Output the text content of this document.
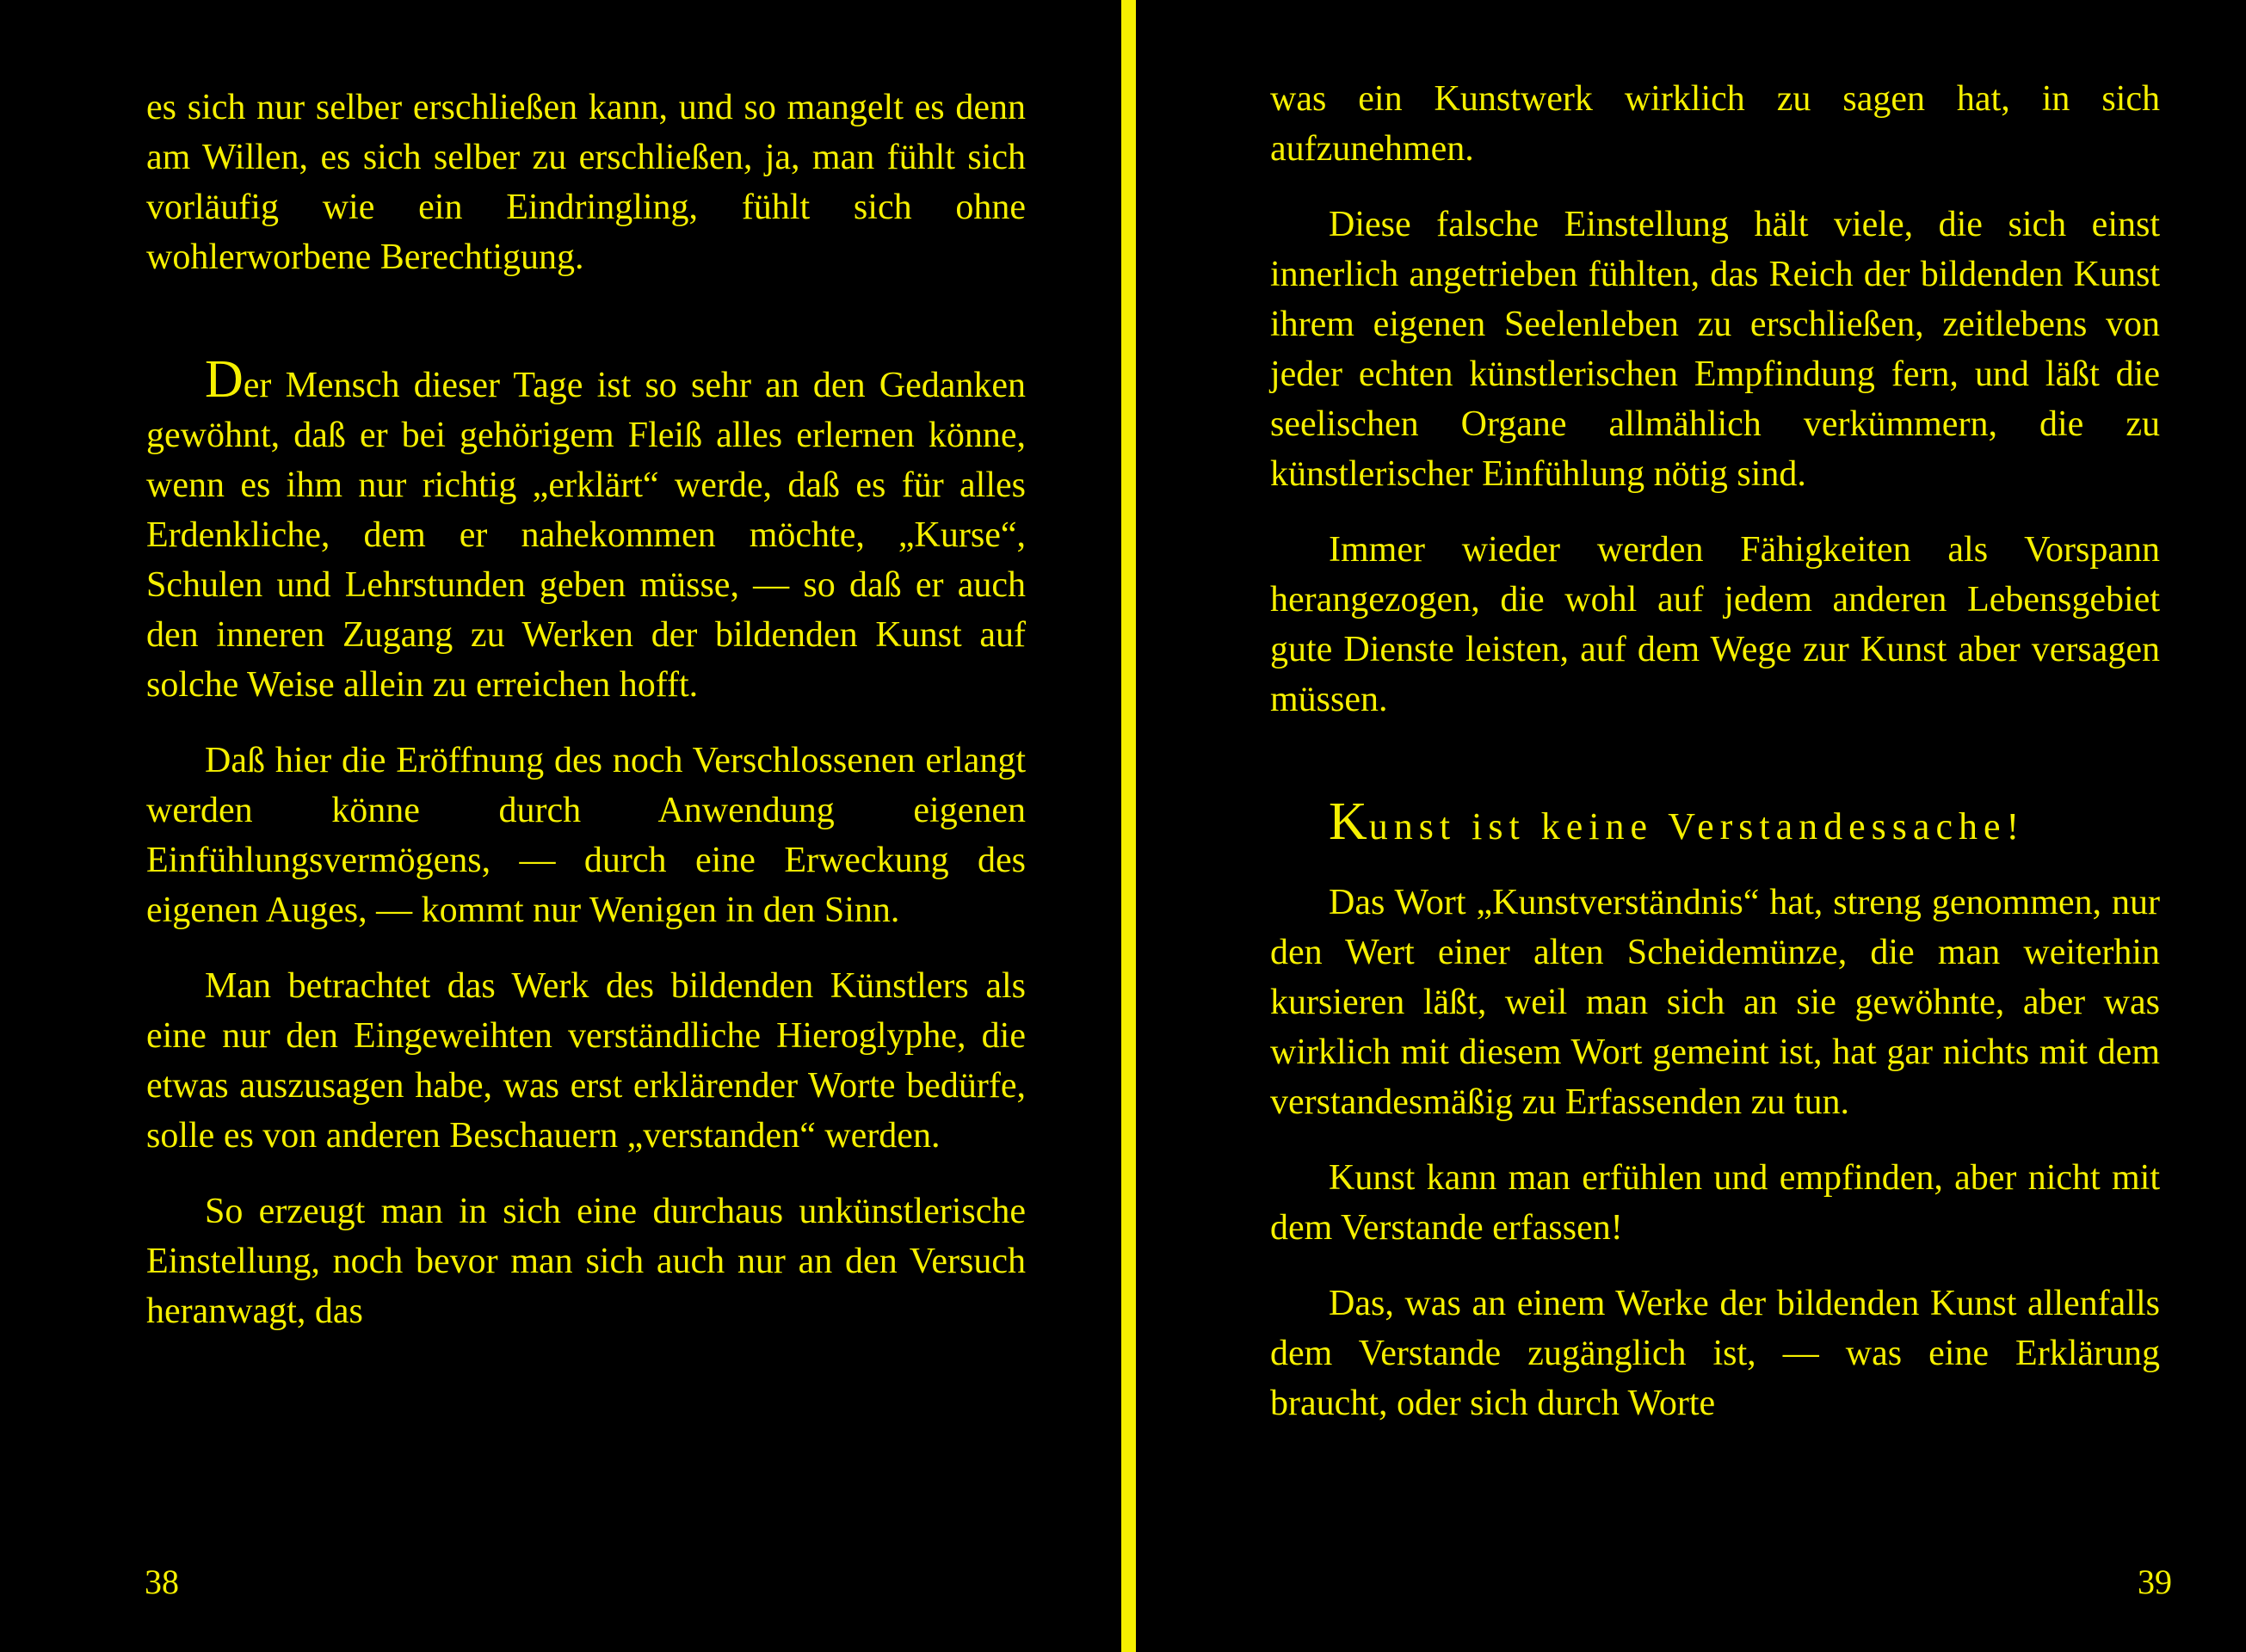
es sich nur selber erschließen kann, und so mangelt es denn am Willen, es sich selber zu erschließen, ja, man fühlt sich vorläufig wie ein Eindringling, fühlt sich ohne wohlerworbene Berechtigung.

Der Mensch dieser Tage ist so sehr an den Gedanken gewöhnt, daß er bei gehörigem Fleiß alles erlernen könne, wenn es ihm nur richtig „erklärt“ werde, daß es für alles Erdenkliche, dem er nahekommen möchte, „Kurse“, Schulen und Lehrstunden geben müsse, — so daß er auch den inneren Zugang zu Werken der bildenden Kunst auf solche Weise allein zu erreichen hofft.

Daß hier die Eröffnung des noch Verschlossenen erlangt werden könne durch Anwendung eigenen Einfühlungsvermögens, — durch eine Erweckung des eigenen Auges, — kommt nur Wenigen in den Sinn.

Man betrachtet das Werk des bildenden Künstlers als eine nur den Eingeweihten verständliche Hieroglyphe, die etwas auszusagen habe, was erst erklärender Worte bedürfe, solle es von anderen Beschauern „verstanden“ werden.

So erzeugt man in sich eine durchaus unkünstlerische Einstellung, noch bevor man sich auch nur an den Versuch heranwagt, das

38

was ein Kunstwerk wirklich zu sagen hat, in sich aufzunehmen.

Diese falsche Einstellung hält viele, die sich einst innerlich angetrieben fühlten, das Reich der bildenden Kunst ihrem eigenen Seelenleben zu erschließen, zeitlebens von jeder echten künstlerischen Empfindung fern, und läßt die seelischen Organe allmählich verkümmern, die zu künstlerischer Einfühlung nötig sind.

Immer wieder werden Fähigkeiten als Vorspann herangezogen, die wohl auf jedem anderen Lebensgebiet gute Dienste leisten, auf dem Wege zur Kunst aber versagen müssen.

Kunst ist keine Verstandessache!

Das Wort „Kunstverständnis“ hat, streng genommen, nur den Wert einer alten Scheidemünze, die man weiterhin kursieren läßt, weil man sich an sie gewöhnte, aber was wirklich mit diesem Wort gemeint ist, hat gar nichts mit dem verstandesmäßig zu Erfassenden zu tun.

Kunst kann man erfühlen und empfinden, aber nicht mit dem Verstande erfassen!

Das, was an einem Werke der bildenden Kunst allenfalls dem Verstande zugänglich ist, — was eine Erklärung braucht, oder sich durch Worte

39
